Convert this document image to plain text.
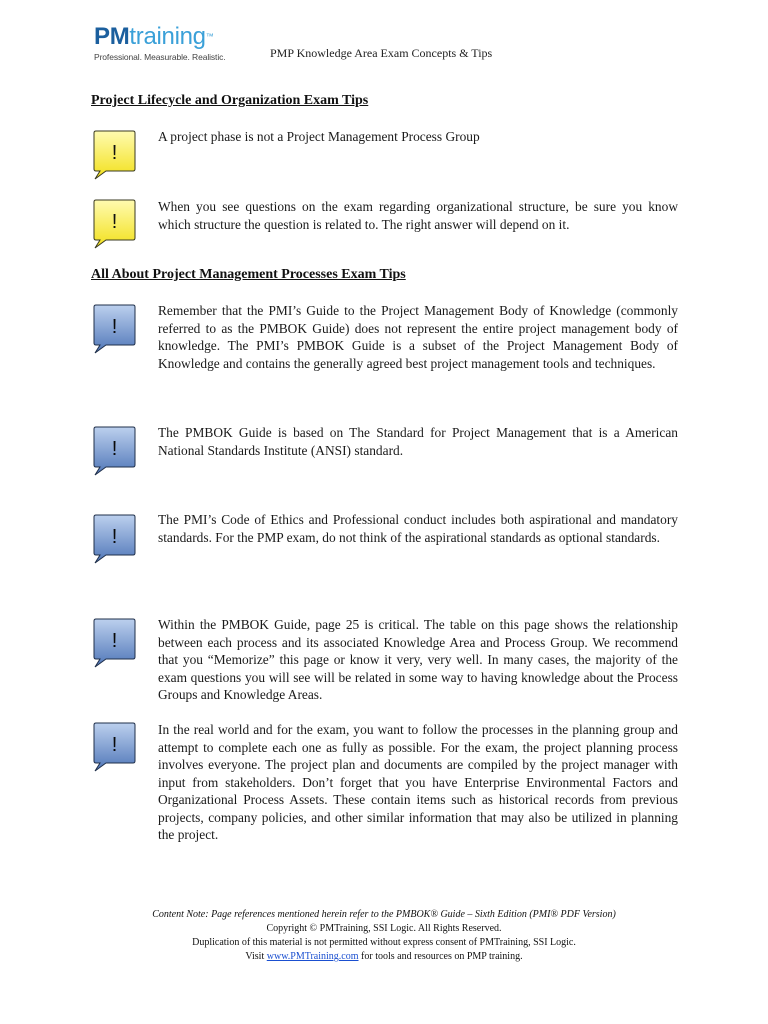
PMtraining™
Professional. Measurable. Realistic.	PMP Knowledge Area Exam Concepts & Tips
Project Lifecycle and Organization Exam Tips
!
A project phase is not a Project Management Process Group
!
When you see questions on the exam regarding organizational structure, be sure you know which structure the question is related to. The right answer will depend on it.
All About Project Management Processes Exam Tips
!
Remember that the PMI’s Guide to the Project Management Body of Knowledge (commonly referred to as the PMBOK Guide) does not represent the entire project management body of knowledge. The PMI’s PMBOK Guide is a subset of the Project Management Body of Knowledge and contains the generally agreed best project management tools and techniques.
!
The PMBOK Guide is based on The Standard for Project Management that is a American National Standards Institute (ANSI) standard.
!
The PMI’s Code of Ethics and Professional conduct includes both aspirational and mandatory standards. For the PMP exam, do not think of the aspirational standards as optional standards.
!
Within the PMBOK Guide, page 25 is critical. The table on this page shows the relationship between each process and its associated Knowledge Area and Process Group. We recommend that you “Memorize” this page or know it very, very well. In many cases, the majority of the exam questions you will see will be related in some way to having knowledge about the Process Groups and Knowledge Areas.
!
In the real world and for the exam, you want to follow the processes in the planning group and attempt to complete each one as fully as possible. For the exam, the project planning process involves everyone. The project plan and documents are compiled by the project manager with input from stakeholders. Don’t forget that you have Enterprise Environmental Factors and Organizational Process Assets. These contain items such as historical records from previous projects, company policies, and other similar information that may also be utilized in planning the project.
Content Note: Page references mentioned herein refer to the PMBOK® Guide – Sixth Edition (PMI® PDF Version)
Copyright © PMTraining, SSI Logic. All Rights Reserved.
Duplication of this material is not permitted without express consent of PMTraining, SSI Logic.
Visit www.PMTraining.com for tools and resources on PMP training.
